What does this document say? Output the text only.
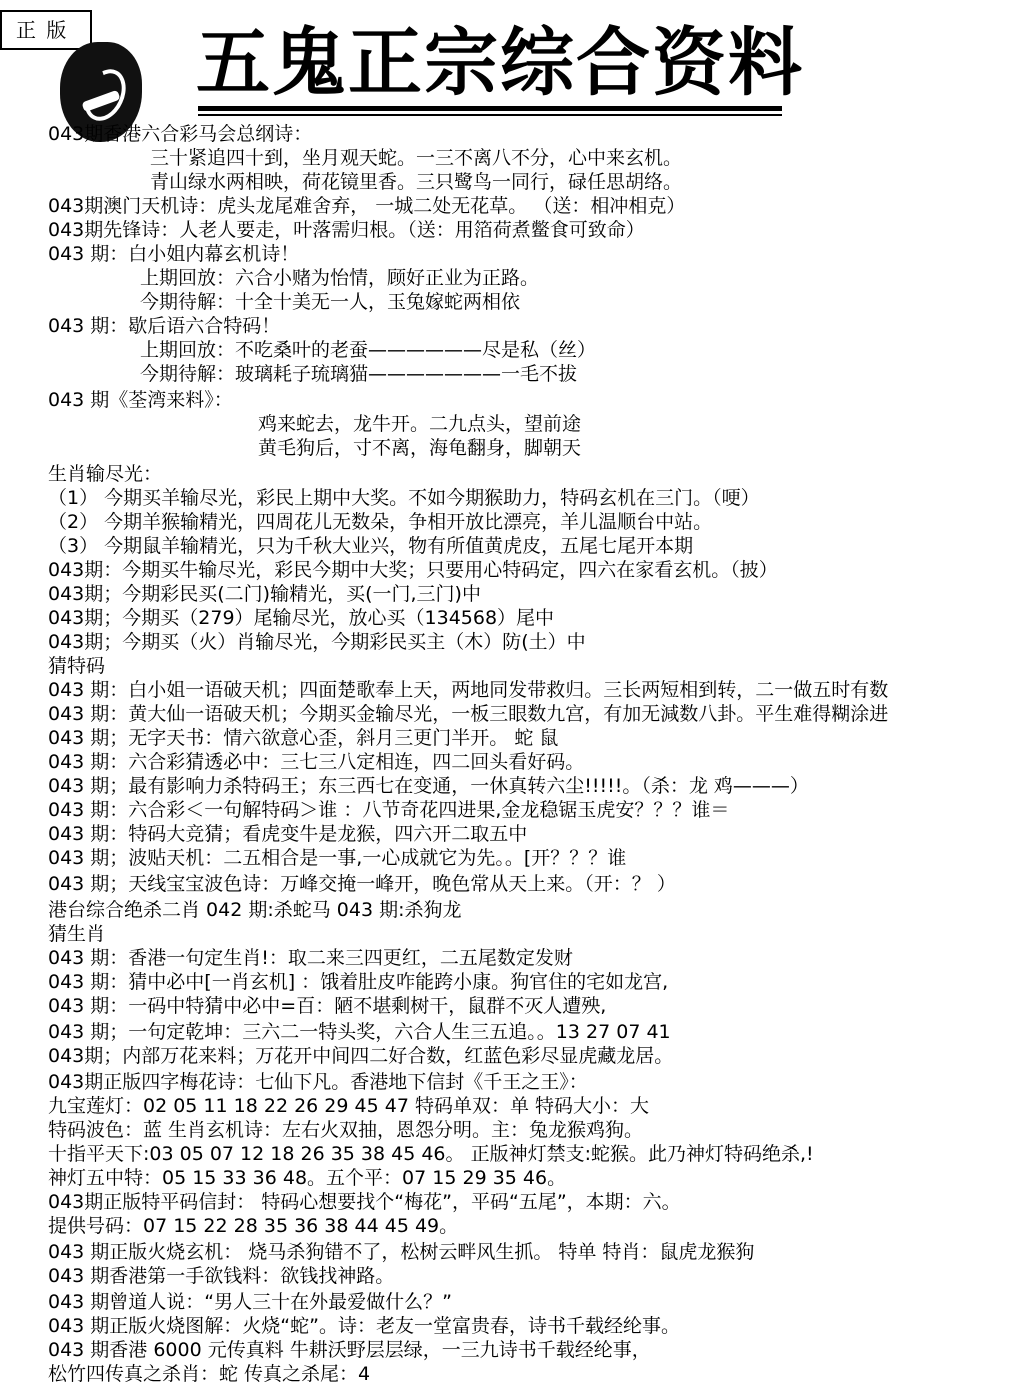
正 版	五鬼正宗综合资料
043期香港六合彩马会总纲诗：
三十紧追四十到，坐月观天蛇。一三不离八不分，心中来玄机。
青山绿水两相映，荷花镜里香。三只鹭鸟一同行，碌任思胡络。
043期澳门天机诗：虎头龙尾难舍弃， 一城二处无花草。 （送：相冲相克）
043期先锋诗：人老人要走，叶落需归根。（送：用箔荷煮鳖食可致命）
043 期：白小姐内幕玄机诗！
上期回放：六合小赌为怡情，顾好正业为正路。
今期待解：十全十美无一人，玉兔嫁蛇两相依
043 期：歇后语六合特码！
上期回放：不吃桑叶的老蚕——————尽是私（丝）
今期待解：玻璃耗子琉璃猫———————一毛不拔
043 期《荃湾来料》：
鸡来蛇去，龙牛开。二九点头，望前途
黄毛狗后，寸不离，海龟翻身，脚朝天
生肖输尽光：
（1） 今期买羊输尽光，彩民上期中大奖。不如今期猴助力，特码玄机在三门。（哽）
（2） 今期羊猴输精光，四周花儿无数朵，争相开放比漂亮，羊儿温顺台中站。
（3） 今期鼠羊输精光，只为千秋大业兴，物有所值黄虎皮，五尾七尾开本期
043期：今期买牛输尽光，彩民今期中大奖；只要用心特码定，四六在家看玄机。（披）
043期；今期彩民买(二门)输精光，买(一门,三门)中
043期；今期买（279）尾输尽光，放心买（134568）尾中
043期；今期买（火）肖输尽光，今期彩民买主（木）防(土）中
猜特码
043 期：白小姐一语破天机；四面楚歌奉上天，两地同发带救归。三长两短相到转，二一做五时有数
043 期：黄大仙一语破天机；今期买金输尽光，一板三眼数九宫，有加无減数八卦。平生难得糊涂进
043 期；无字天书：情六欲意心歪，斜月三更门半开。 蛇 鼠
043 期：六合彩猜透必中：三七三八定相连，四二回头看好码。
043 期；最有影响力杀特码王；东三西七在变通，一休真转六尘!!!!!。（杀：龙 鸡———）
043 期：六合彩＜一句解特码＞谁 ：八节奇花四进果,金龙稳锯玉虎安？？？谁＝
043 期：特码大竞猜；看虎变牛是龙猴，四六开二取五中
043 期；波贴天机：二五相合是一事,一心成就它为先。。[开？？？谁
043 期；天线宝宝波色诗：万峰交掩一峰开，晚色常从天上来。（开：？ ）
港台综合绝杀二肖 042 期:杀蛇马 043 期:杀狗龙
猜生肖
043 期：香港一句定生肖!：取二来三四更红，二五尾数定发财
043 期：猜中必中[一肖玄机] ：饿着肚皮咋能跨小康。狗官住的宅如龙宫,
043 期：一码中特猜中必中=百：陋不堪剩树干，鼠群不灭人遭殃,
043 期；一句定乾坤：三六二一特头奖，六合人生三五追。。13 27 07 41
043期；内部万花来料；万花开中间四二好合数，红蓝色彩尽显虎藏龙居。
043期正版四字梅花诗：七仙下凡。香港地下信封《千王之王》：
九宝莲灯：02 05 11 18 22 26 29 45 47 特码单双：单 特码大小：大
特码波色：蓝 生肖玄机诗：左右火双抽，恩怨分明。主：兔龙猴鸡狗。
十指平天下:03 05 07 12 18 26 35 38 45 46。 正版神灯禁支:蛇猴。此乃神灯特码绝杀,!
神灯五中特：05 15 33 36 48。五个平：07 15 29 35 46。
043期正版特平码信封： 特码心想要找个“梅花”，平码“五尾”，本期：六。
提供号码：07 15 22 28 35 36 38 44 45 49。
043 期正版火烧玄机： 烧马杀狗错不了，松树云畔风生抓。 特单 特肖：鼠虎龙猴狗
043 期香港第一手欲钱料：欲钱找神路。
043 期曾道人说：“男人三十在外最爱做什么？”
043 期正版火烧图解：火烧“蛇”。诗：老友一堂富贵春，诗书千载经纶事。
043 期香港 6000 元传真料 牛耕沃野层层绿，一三九诗书千载经纶事，
松竹四传真之杀肖：蛇 传真之杀尾：4
